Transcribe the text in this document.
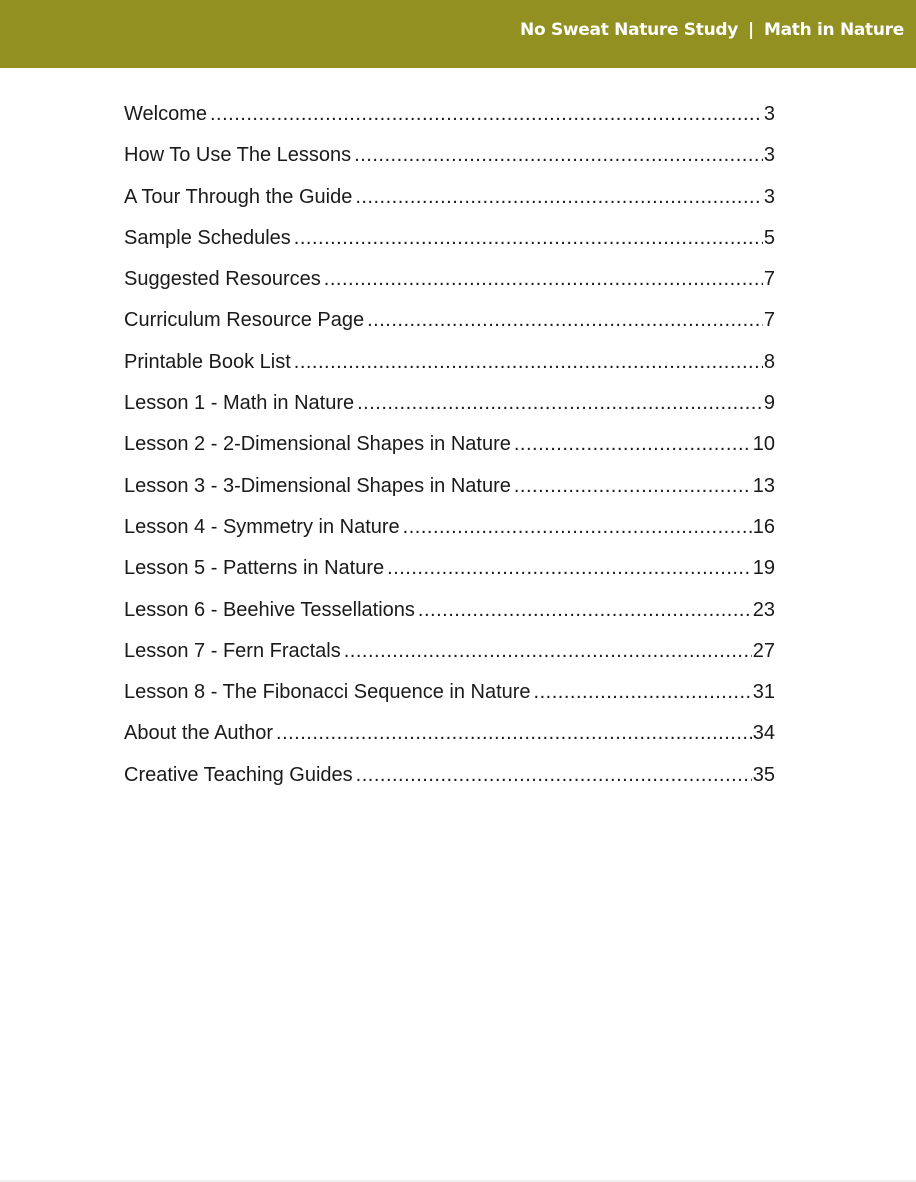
No Sweat Nature Study | Math in Nature
Welcome .....	3
How To Use The Lessons .....	3
A Tour Through the Guide .....	3
Sample Schedules .....	5
Suggested Resources .....	7
Curriculum Resource Page .....	7
Printable Book List .....	8
Lesson 1 - Math in Nature .....	9
Lesson 2 - 2-Dimensional Shapes in Nature .....	10
Lesson 3 - 3-Dimensional Shapes in Nature .....	13
Lesson 4 - Symmetry in Nature .....	16
Lesson 5 - Patterns in Nature .....	19
Lesson 6 - Beehive Tessellations .....	23
Lesson 7 - Fern Fractals .....	27
Lesson 8 - The Fibonacci Sequence in Nature .....	31
About the Author .....	34
Creative Teaching Guides .....	35
